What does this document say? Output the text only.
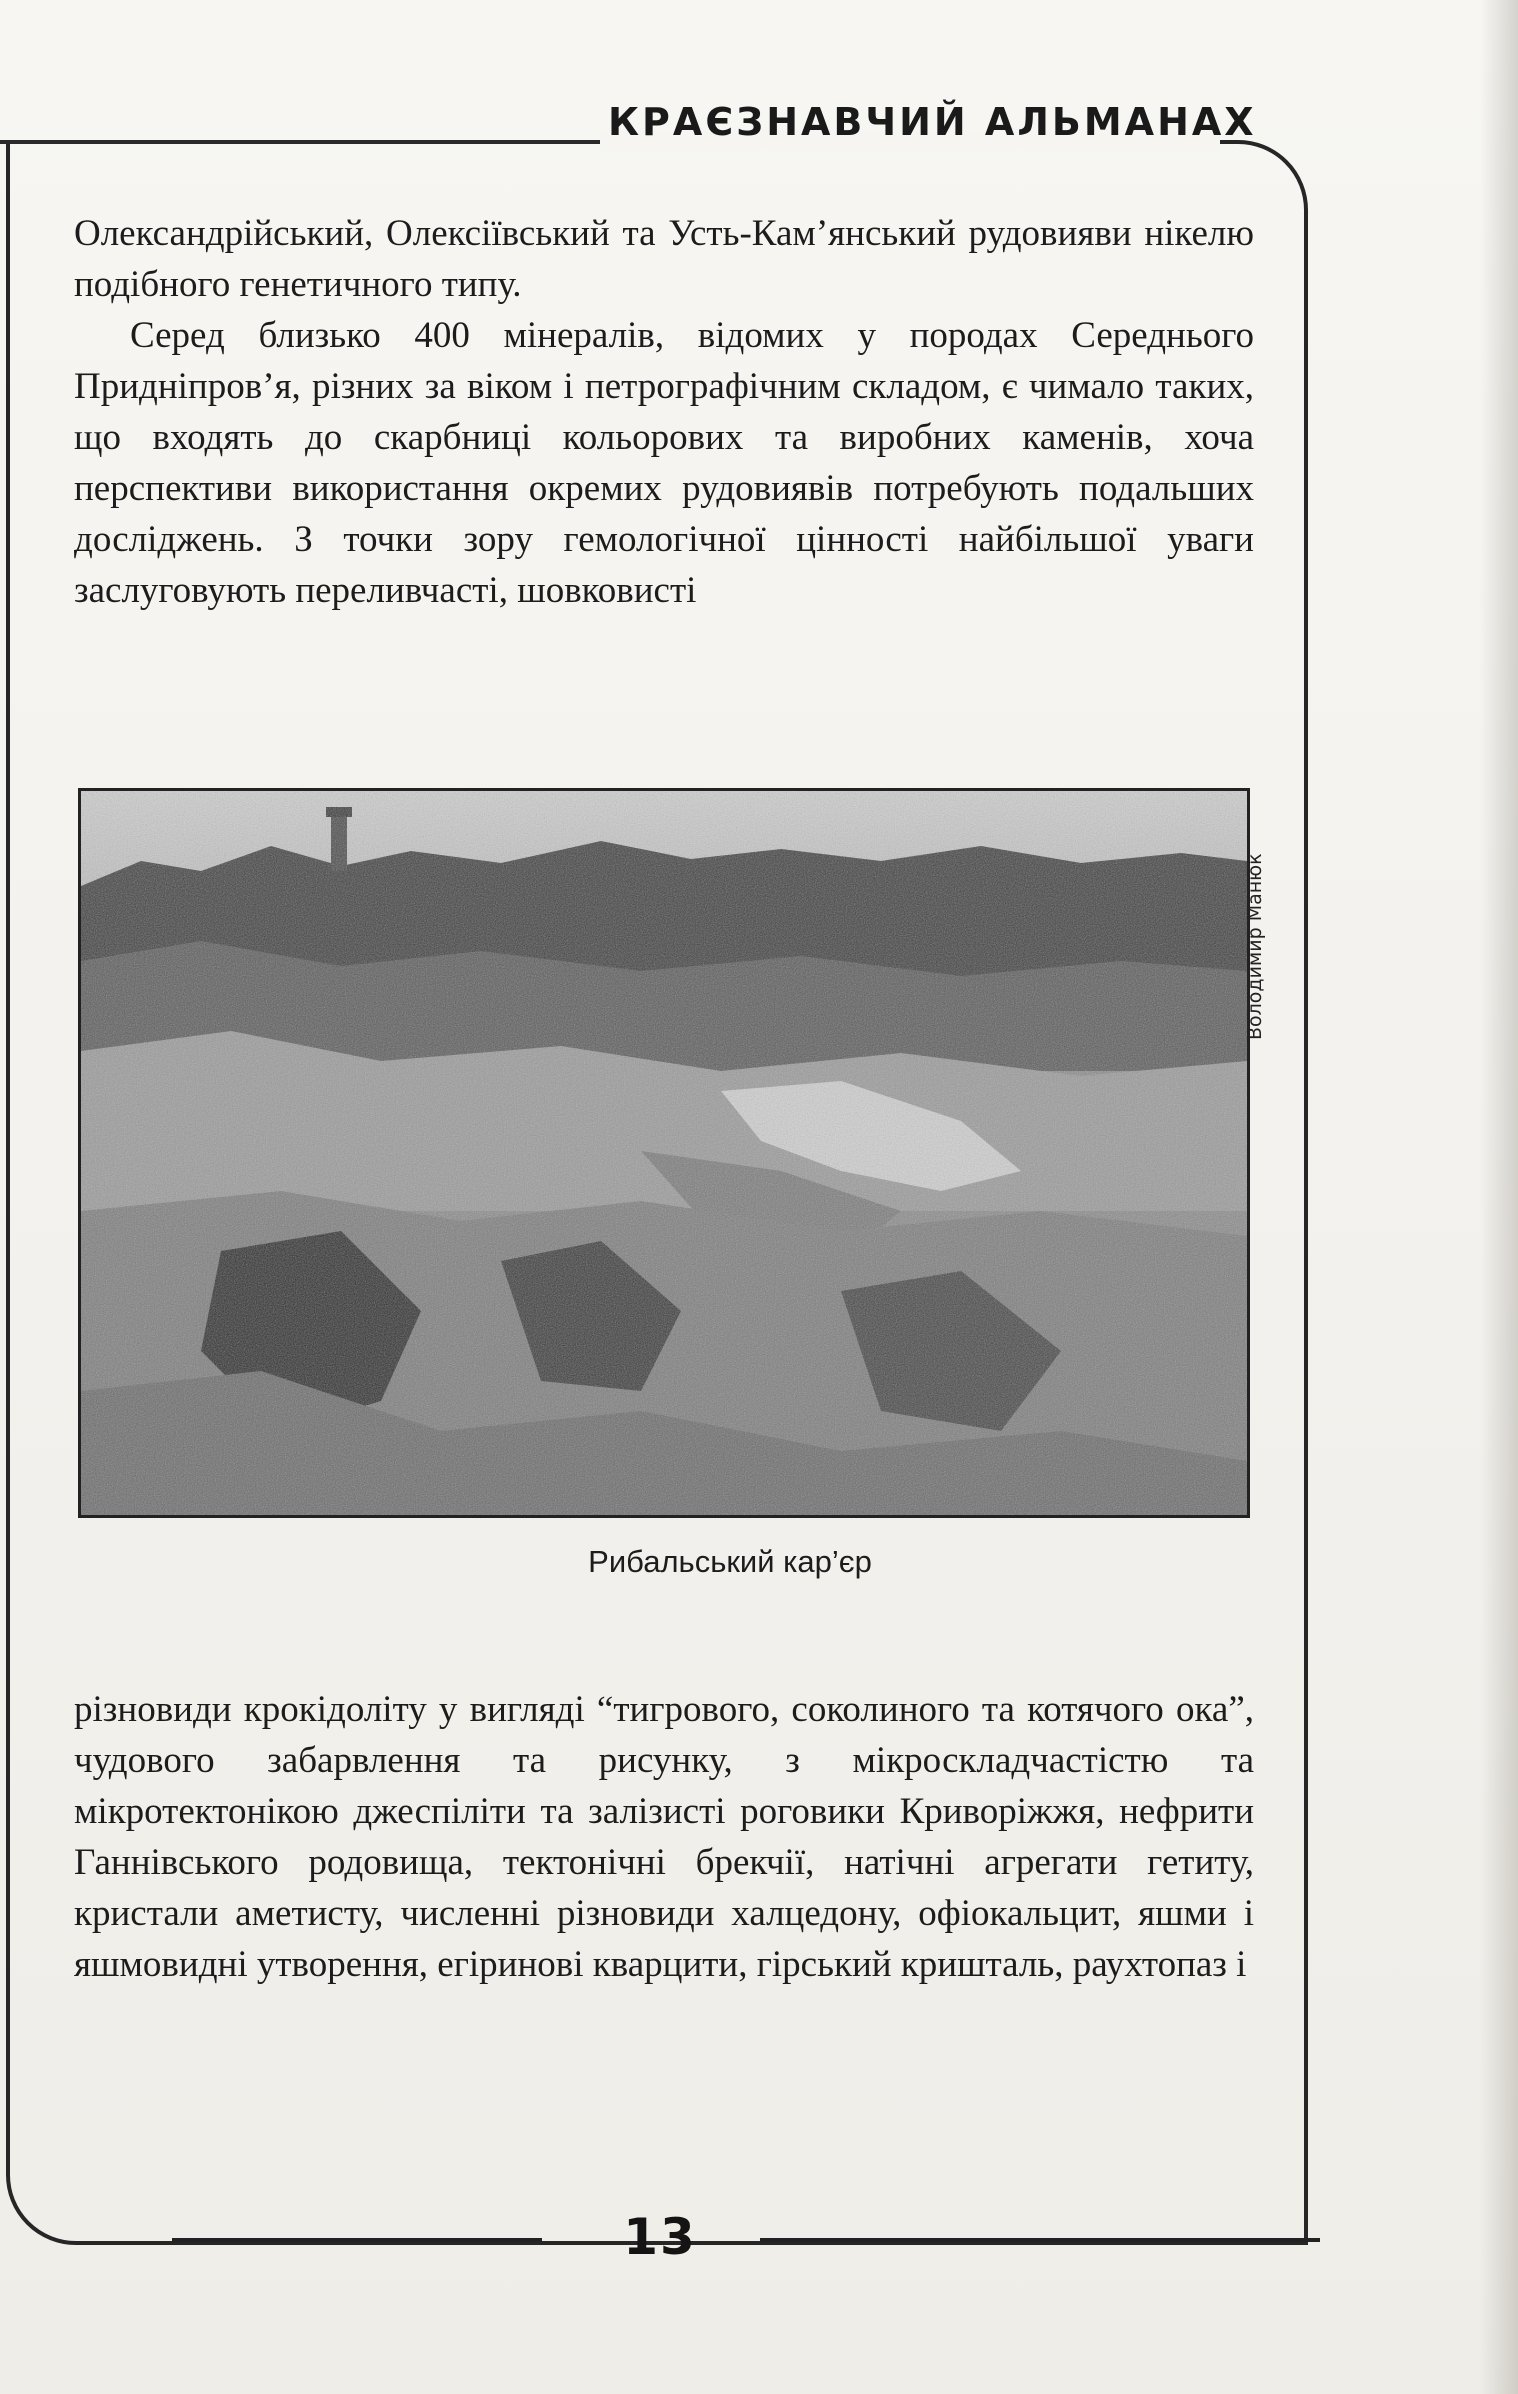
КРАЄЗНАВЧИЙ АЛЬМАНАХ

Олександрійський, Олексіївський та Усть-Кам’янський рудовияви нікелю подібного генетичного типу.

Серед близько 400 мінералів, відомих у породах Середнього Придніпров’я, різних за віком і петрографічним складом, є чимало таких, що входять до скарбниці кольорових та виробних каменів, хоча перспективи використання окремих рудовиявів потребують подальших досліджень. З точки зору гемологічної цінності найбільшої уваги заслуговують переливчасті, шовковисті

Володимир Манюк
Рибальський кар’єр

різновиди крокідоліту у вигляді “тигрового, соколиного та котячого ока”, чудового забарвлення та рисунку, з мікроскладчастістю та мікротектонікою джеспіліти та залізисті роговики Криворіжжя, нефрити Ганнівського родовища, тектонічні брекчії, натічні агрегати гетиту, кристали аметисту, численні різновиди халцедону, офіокальцит, яшми і яшмовидні утворення, егіринові кварцити, гірський кришталь, раухтопаз і

13
